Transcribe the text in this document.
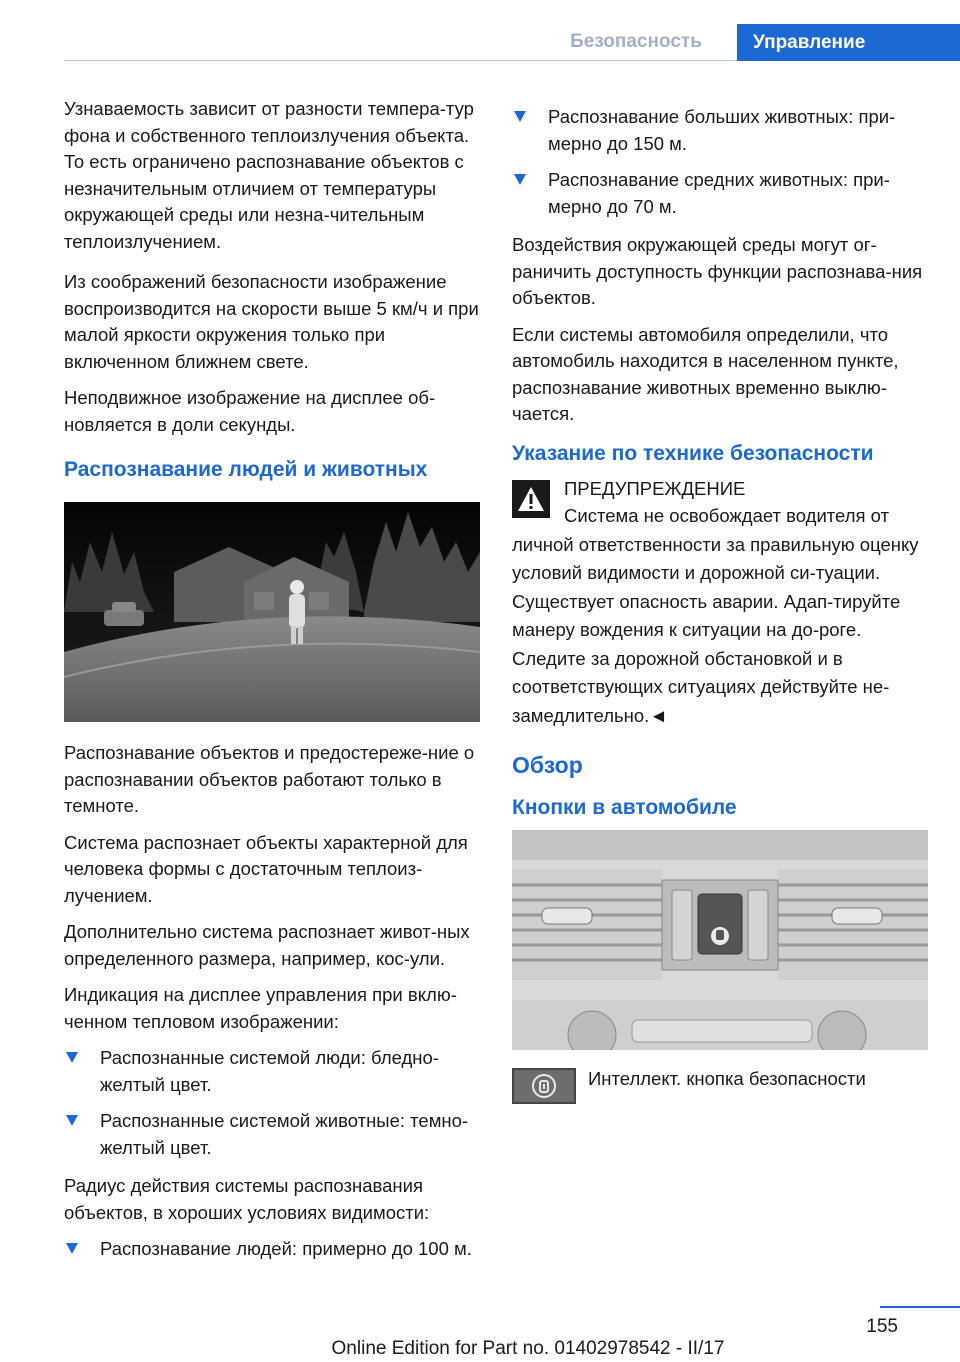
Безопасность	Управление

Узнаваемость зависит от разности темпера‐тур фона и собственного теплоизлучения объекта. То есть ограничено распознавание объектов с незначительным отличием от температуры окружающей среды или незна‐чительным теплоизлучением.

Из соображений безопасности изображение воспроизводится на скорости выше 5 км/ч и при малой яркости окружения только при включенном ближнем свете.

Неподвижное изображение на дисплее об‐новляется в доли секунды.

Распознавание людей и животных

Распознавание объектов и предостереже‐ние о распознавании объектов работают только в темноте.

Система распознает объекты характерной для человека формы с достаточным теплоиз‐лучением.

Дополнительно система распознает живот‐ных определенного размера, например, кос‐ули.

Индикация на дисплее управления при вклю‐ченном тепловом изображении:

Распознанные системой люди: бледно-желтый цвет.
Распознанные системой животные: темно-желтый цвет.

Радиус действия системы распознавания объектов, в хороших условиях видимости:

Распознавание людей: примерно до 100 м.
Распознавание больших животных: при‐мерно до 150 м.
Распознавание средних животных: при‐мерно до 70 м.

Воздействия окружающей среды могут ог‐раничить доступность функции распознава‐ния объектов.

Если системы автомобиля определили, что автомобиль находится в населенном пункте, распознавание животных временно выклю‐чается.

Указание по технике безопасности
ПРЕДУПРЕЖДЕНИЕ
Система не освобождает водителя от
личной ответственности за правильную оценку условий видимости и дорожной си‐туации. Существует опасность аварии. Адап‐тируйте манеру вождения к ситуации на до‐роге. Следите за дорожной обстановкой и в соответствующих ситуациях действуйте не‐замедлительно.◄
Обзор
Кнопки в автомобиле
Интеллект. кнопка безопасности
155
Online Edition for Part no. 01402978542 - II/17
